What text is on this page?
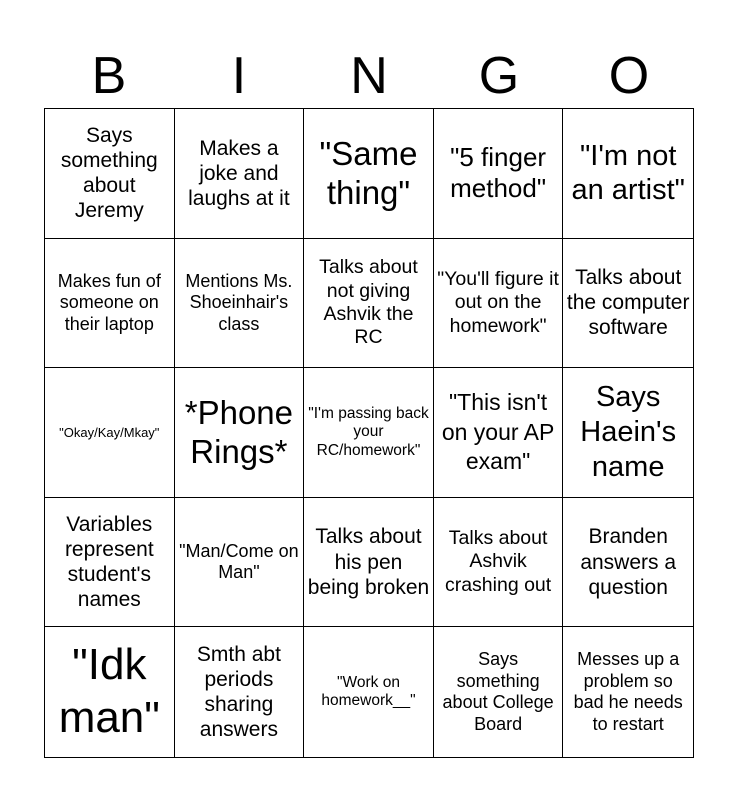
B	I	N	G	O
Says something about Jeremy
Makes a joke and laughs at it
"Same thing"
"5 finger method"
"I'm not an artist"
Makes fun of someone on their laptop
Mentions Ms. Shoeinhair's class
Talks about not giving Ashvik the RC
"You'll figure it out on the homework"
Talks about the computer software
"Okay/Kay/Mkay"
*Phone Rings*
"I'm passing back your RC/homework"
"This isn't on your AP exam"
Says Haein's name
Variables represent student's names
"Man/Come on Man"
Talks about his pen being broken
Talks about Ashvik crashing out
Branden answers a question
"Idk man"
Smth abt periods sharing answers
"Work on homework__"
Says something about College Board
Messes up a problem so bad he needs to restart
